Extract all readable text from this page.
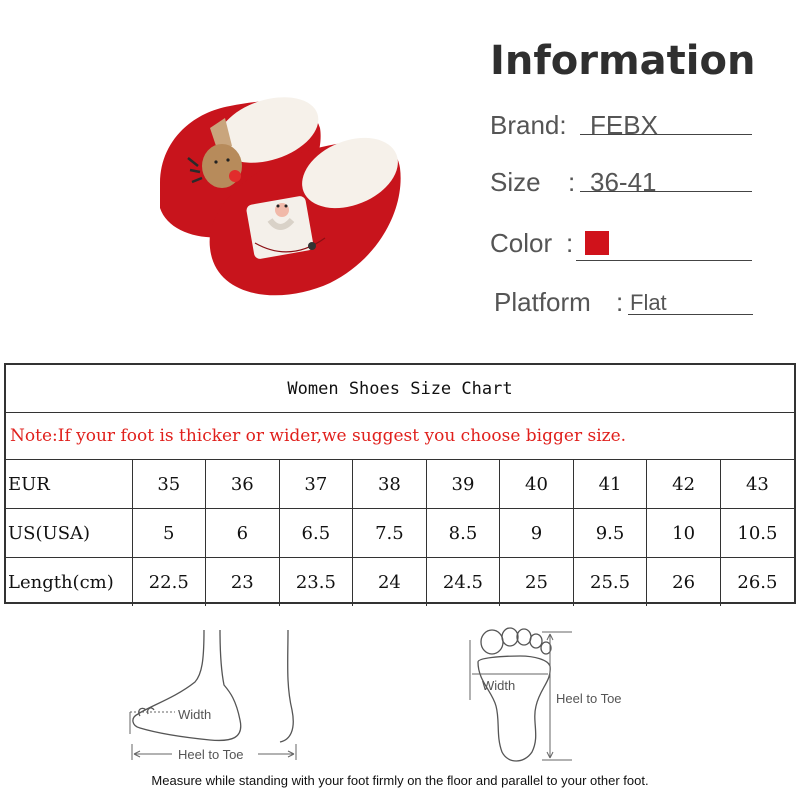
Information
Brand: FEBX
Size : 36-41
Color :
Platform : Flat
Women Shoes Size Chart
Note:If your foot is thicker or wider,we suggest you choose bigger size.
EUR	35	36	37	38	39	40	41	42	43
US(USA)	5	6	6.5	7.5	8.5	9	9.5	10	10.5
Length(cm)	22.5	23	23.5	24	24.5	25	25.5	26	26.5
Width
Heel to Toe
Width
Heel to Toe
Measure while standing with your foot firmly on the floor and parallel to your other foot.
